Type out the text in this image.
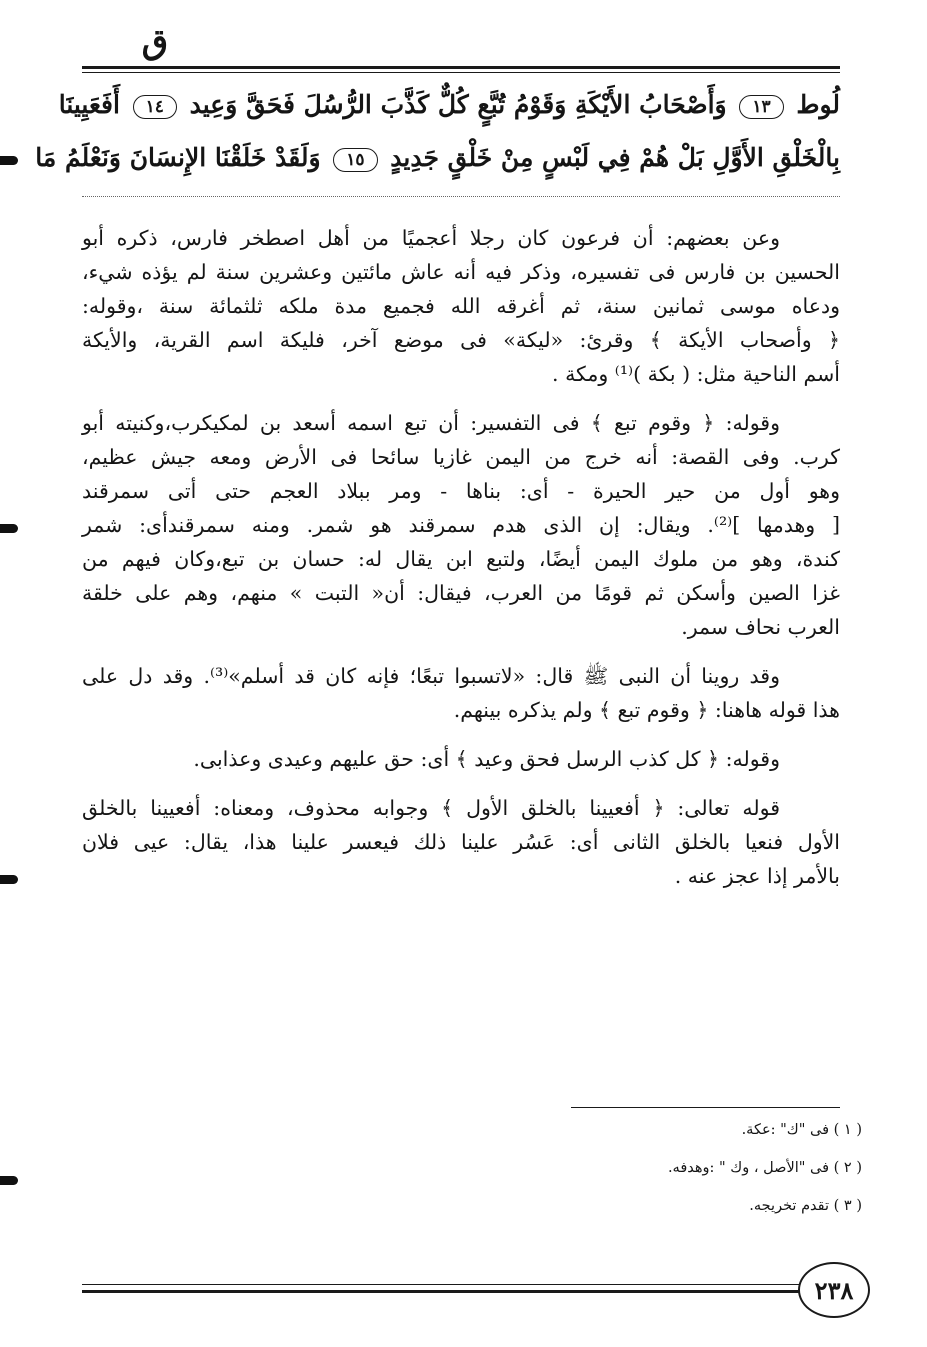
ق
لُوط ١٣ وَأَصْحَابُ الأَيْكَةِ وَقَوْمُ تُبَّعٍ كُلٌّ كَذَّبَ الرُّسُلَ فَحَقَّ وَعِيد ١٤ أَفَعَيِينَا
بِالْخَلْقِ الأَوَّلِ بَلْ هُمْ فِي لَبْسٍ مِنْ خَلْقٍ جَدِيدٍ ١٥ وَلَقَدْ خَلَقْنَا الإِنسَانَ وَنَعْلَمُ مَا
وعن بعضهم: أن فرعون كان رجلا أعجميًا من أهل اصطخر فارس، ذكره أبو
الحسين بن فارس فى تفسيره، وذكر فيه أنه عاش مائتين وعشرين سنة لم يؤذه شيء،
ودعاه موسى ثمانين سنة، ثم أغرقه الله فجميع مدة ملكه ثلثمائة سنة ،وقوله:
﴿ وأصحاب الأيكة ﴾ وقرئ: «ليكة» فى موضع آخر، فليكة اسم القرية، والأيكة
أسم الناحية مثل: ( بكة )⁽¹⁾ ومكة .
وقوله: ﴿ وقوم تبع ﴾ فى التفسير: أن تبع اسمه أسعد بن لمكيكرب،وكنيته أبو
كرب. وفى القصة: أنه خرج من اليمن غازيا سائحا فى الأرض ومعه جيش عظيم،
وهو أول من حير الحيرة - أى: بناها - ومر ببلاد العجم حتى أتى سمرقند
[ وهدمها ]⁽²⁾. ويقال: إن الذى هدم سمرقند هو شمر. ومنه سمرقندأى: شمر
كندة، وهو من ملوك اليمن أيضًا، ولتبع ابن يقال له: حسان بن تبع،وكان فيهم من
غزا الصين وأسكن ثم قومًا من العرب، فيقال: أن« التبت » منهم، وهم على خلقة
العرب نحاف سمر.
وقد روينا أن النبى ﷺ قال: «لاتسبوا تبعًا؛ فإنه كان قد أسلم»⁽³⁾. وقد دل على
هذا قوله هاهنا: ﴿ وقوم تبع ﴾ ولم يذكره بينهم.
وقوله: ﴿ كل كذب الرسل فحق وعيد ﴾ أى: حق عليهم وعيدى وعذابى.
قوله تعالى: ﴿ أفعيينا بالخلق الأول ﴾ وجوابه محذوف، ومعناه: أفعيينا بالخلق
الأول فنعيا بالخلق الثانى أى: عَسُر علينا ذلك فيعسر علينا هذا، يقال: عيى فلان
بالأمر إذا عجز عنه .
( ١ ) فى "ك" :عكة.
( ٢ ) فى "الأصل ، وك " :وهدفه.
( ٣ ) تقدم تخريجه.
٢٣٨
